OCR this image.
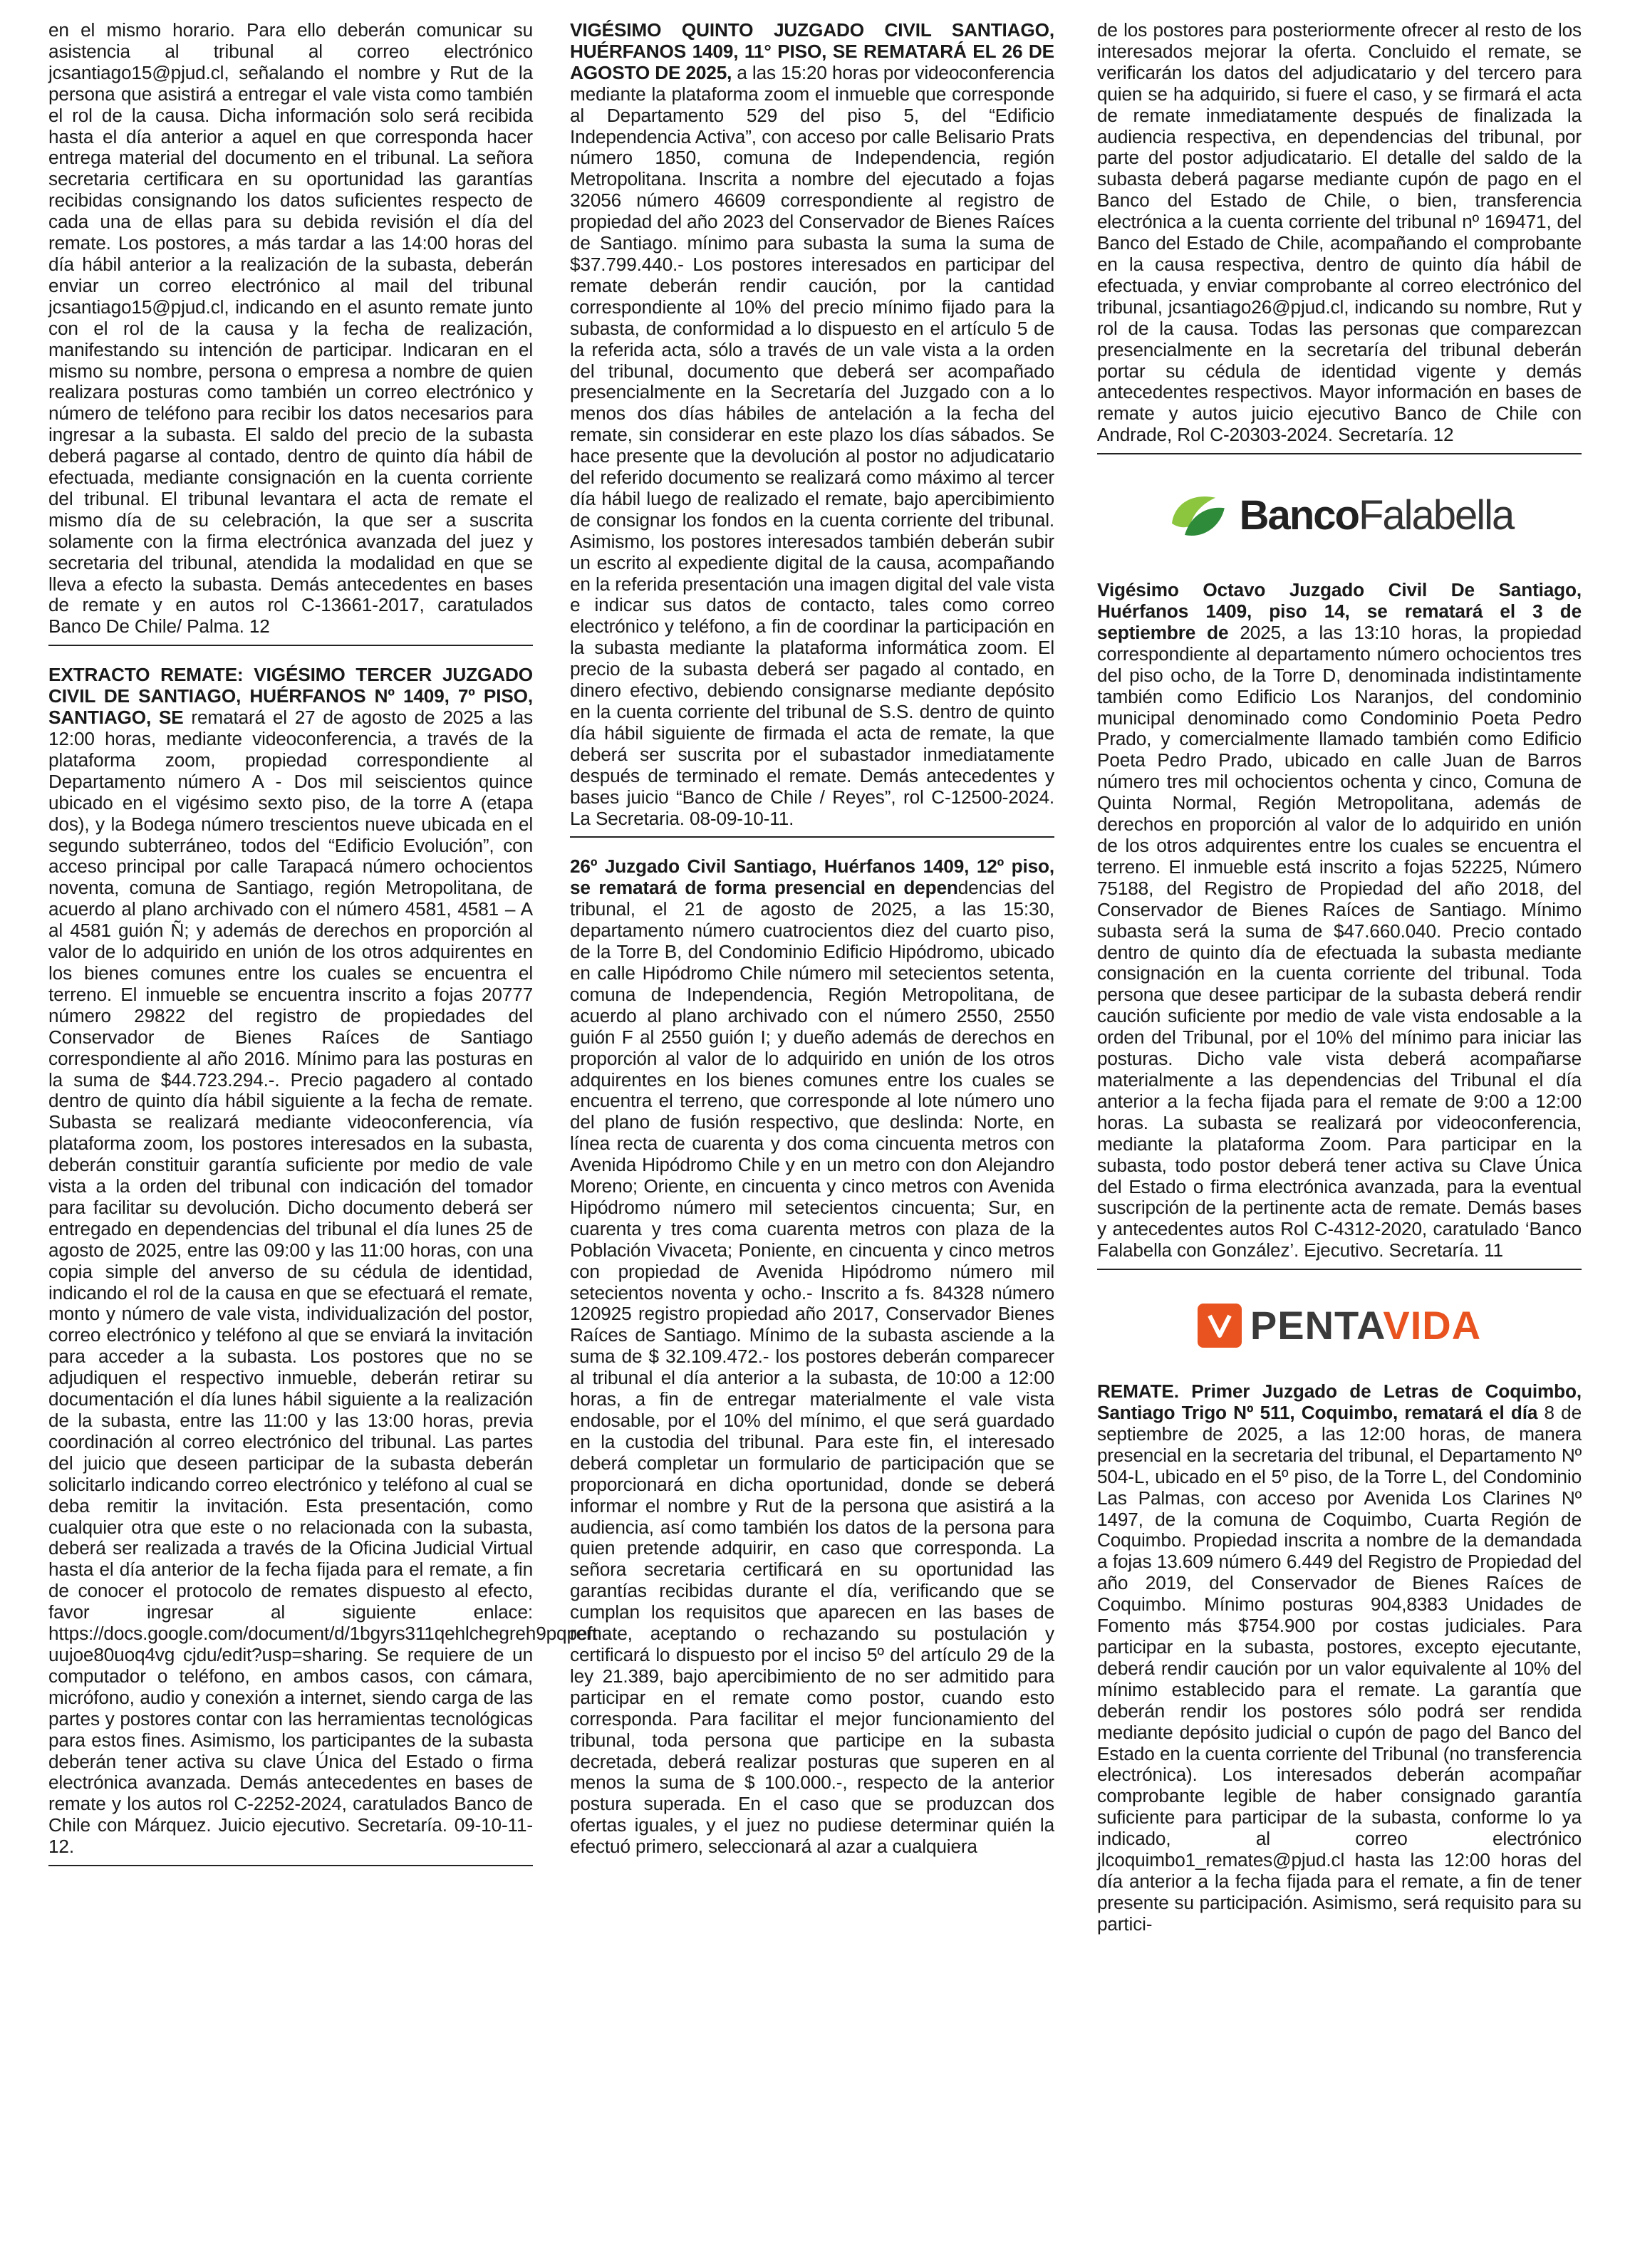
en el mismo horario. Para ello deberán comunicar su asistencia al tribunal al correo electrónico jcsantiago15@pjud.cl, señalando el nombre y Rut de la persona que asistirá a entregar el vale vista como también el rol de la causa. Dicha información solo será recibida hasta el día anterior a aquel en que corresponda hacer entrega material del documento en el tribunal. La señora secretaria certificara en su oportunidad las garantías recibidas consignando los datos suficientes respecto de cada una de ellas para su debida revisión el día del remate. Los postores, a más tardar a las 14:00 horas del día hábil anterior a la realización de la subasta, deberán enviar un correo electrónico al mail del tribunal jcsantiago15@pjud.cl, indicando en el asunto remate junto con el rol de la causa y la fecha de realización, manifestando su intención de participar. Indicaran en el mismo su nombre, persona o empresa a nombre de quien realizara posturas como también un correo electrónico y número de teléfono para recibir los datos necesarios para ingresar a la subasta. El saldo del precio de la subasta deberá pagarse al contado, dentro de quinto día hábil de efectuada, mediante consignación en la cuenta corriente del tribunal. El tribunal levantara el acta de remate el mismo día de su celebración, la que ser a suscrita solamente con la firma electrónica avanzada del juez y secretaria del tribunal, atendida la modalidad en que se lleva a efecto la subasta. Demás antecedentes en bases de remate y en autos rol C-13661-2017, caratulados Banco De Chile/ Palma. 12

EXTRACTO REMATE: VIGÉSIMO TERCER JUZGADO CIVIL DE SANTIAGO, HUÉRFANOS Nº 1409, 7º PISO, SANTIAGO, SE rematará el 27 de agosto de 2025 a las 12:00 horas, mediante videoconferencia, a través de la plataforma zoom, propiedad correspondiente al Departamento número A - Dos mil seiscientos quince ubicado en el vigésimo sexto piso, de la torre A (etapa dos), y la Bodega número trescientos nueve ubicada en el segundo subterráneo, todos del “Edificio Evolución”, con acceso principal por calle Tarapacá número ochocientos noventa, comuna de Santiago, región Metropolitana, de acuerdo al plano archivado con el número 4581, 4581 – A al 4581 guión Ñ; y además de derechos en proporción al valor de lo adquirido en unión de los otros adquirentes en los bienes comunes entre los cuales se encuentra el terreno. El inmueble se encuentra inscrito a fojas 20777 número 29822 del registro de propiedades del Conservador de Bienes Raíces de Santiago correspondiente al año 2016. Mínimo para las posturas en la suma de $44.723.294.-. Precio pagadero al contado dentro de quinto día hábil siguiente a la fecha de remate. Subasta se realizará mediante videoconferencia, vía plataforma zoom, los postores interesados en la subasta, deberán constituir garantía suficiente por medio de vale vista a la orden del tribunal con indicación del tomador para facilitar su devolución. Dicho documento deberá ser entregado en dependencias del tribunal el día lunes 25 de agosto de 2025, entre las 09:00 y las 11:00 horas, con una copia simple del anverso de su cédula de identidad, indicando el rol de la causa en que se efectuará el remate, monto y número de vale vista, individualización del postor, correo electrónico y teléfono al que se enviará la invitación para acceder a la subasta. Los postores que no se adjudiquen el respectivo inmueble, deberán retirar su documentación el día lunes hábil siguiente a la realización de la subasta, entre las 11:00 y las 13:00 horas, previa coordinación al correo electrónico del tribunal. Las partes del juicio que deseen participar de la subasta deberán solicitarlo indicando correo electrónico y teléfono al cual se deba remitir la invitación. Esta presentación, como cualquier otra que este o no relacionada con la subasta, deberá ser realizada a través de la Oficina Judicial Virtual hasta el día anterior de la fecha fijada para el remate, a fin de conocer el protocolo de remates dispuesto al efecto, favor ingresar al siguiente enlace: https://docs.google.com/document/d/1bgyrs311qehlchegreh9pqpeft uujoe80uoq4vg cjdu/edit?usp=sharing. Se requiere de un computador o teléfono, en ambos casos, con cámara, micrófono, audio y conexión a internet, siendo carga de las partes y postores contar con las herramientas tecnológicas para estos fines. Asimismo, los participantes de la subasta deberán tener activa su clave Única del Estado o firma electrónica avanzada. Demás antecedentes en bases de remate y los autos rol C-2252-2024, caratulados Banco de Chile con Márquez. Juicio ejecutivo. Secretaría. 09-10-11-12.

VIGÉSIMO QUINTO JUZGADO CIVIL SANTIAGO, HUÉRFANOS 1409, 11° PISO, SE REMATARÁ EL 26 DE AGOSTO DE 2025, a las 15:20 horas por videoconferencia mediante la plataforma zoom el inmueble que corresponde al Departamento 529 del piso 5, del “Edificio Independencia Activa”, con acceso por calle Belisario Prats número 1850, comuna de Independencia, región Metropolitana. Inscrita a nombre del ejecutado a fojas 32056 número 46609 correspondiente al registro de propiedad del año 2023 del Conservador de Bienes Raíces de Santiago. mínimo para subasta la suma la suma de $37.799.440.- Los postores interesados en participar del remate deberán rendir caución, por la cantidad correspondiente al 10% del precio mínimo fijado para la subasta, de conformidad a lo dispuesto en el artículo 5 de la referida acta, sólo a través de un vale vista a la orden del tribunal, documento que deberá ser acompañado presencialmente en la Secretaría del Juzgado con a lo menos dos días hábiles de antelación a la fecha del remate, sin considerar en este plazo los días sábados. Se hace presente que la devolución al postor no adjudicatario del referido documento se realizará como máximo al tercer día hábil luego de realizado el remate, bajo apercibimiento de consignar los fondos en la cuenta corriente del tribunal. Asimismo, los postores interesados también deberán subir un escrito al expediente digital de la causa, acompañando en la referida presentación una imagen digital del vale vista e indicar sus datos de contacto, tales como correo electrónico y teléfono, a fin de coordinar la participación en la subasta mediante la plataforma informática zoom. El precio de la subasta deberá ser pagado al contado, en dinero efectivo, debiendo consignarse mediante depósito en la cuenta corriente del tribunal de S.S. dentro de quinto día hábil siguiente de firmada el acta de remate, la que deberá ser suscrita por el subastador inmediatamente después de terminado el remate. Demás antecedentes y bases juicio “Banco de Chile / Reyes”, rol C-12500-2024. La Secretaria. 08-09-10-11.

26º Juzgado Civil Santiago, Huérfanos 1409, 12º piso, se rematará de forma presencial en dependencias del tribunal, el 21 de agosto de 2025, a las 15:30, departamento número cuatrocientos diez del cuarto piso, de la Torre B, del Condominio Edificio Hipódromo, ubicado en calle Hipódromo Chile número mil setecientos setenta, comuna de Independencia, Región Metropolitana, de acuerdo al plano archivado con el número 2550, 2550 guión F al 2550 guión I; y dueño además de derechos en proporción al valor de lo adquirido en unión de los otros adquirentes en los bienes comunes entre los cuales se encuentra el terreno, que corresponde al lote número uno del plano de fusión respectivo, que deslinda: Norte, en línea recta de cuarenta y dos coma cincuenta metros con Avenida Hipódromo Chile y en un metro con don Alejandro Moreno; Oriente, en cincuenta y cinco metros con Avenida Hipódromo número mil setecientos cincuenta; Sur, en cuarenta y tres coma cuarenta metros con plaza de la Población Vivaceta; Poniente, en cincuenta y cinco metros con propiedad de Avenida Hipódromo número mil setecientos noventa y ocho.- Inscrito a fs. 84328 número 120925 registro propiedad año 2017, Conservador Bienes Raíces de Santiago. Mínimo de la subasta asciende a la suma de $ 32.109.472.- los postores deberán comparecer al tribunal el día anterior a la subasta, de 10:00 a 12:00 horas, a fin de entregar materialmente el vale vista endosable, por el 10% del mínimo, el que será guardado en la custodia del tribunal. Para este fin, el interesado deberá completar un formulario de participación que se proporcionará en dicha oportunidad, donde se deberá informar el nombre y Rut de la persona que asistirá a la audiencia, así como también los datos de la persona para quien pretende adquirir, en caso que corresponda. La señora secretaria certificará en su oportunidad las garantías recibidas durante el día, verificando que se cumplan los requisitos que aparecen en las bases de remate, aceptando o rechazando su postulación y certificará lo dispuesto por el inciso 5º del artículo 29 de la ley 21.389, bajo apercibimiento de no ser admitido para participar en el remate como postor, cuando esto corresponda. Para facilitar el mejor funcionamiento del tribunal, toda persona que participe en la subasta decretada, deberá realizar posturas que superen en al menos la suma de $ 100.000.-, respecto de la anterior postura superada. En el caso que se produzcan dos ofertas iguales, y el juez no pudiese determinar quién la efectuó primero, seleccionará al azar a cualquiera

de los postores para posteriormente ofrecer al resto de los interesados mejorar la oferta. Concluido el remate, se verificarán los datos del adjudicatario y del tercero para quien se ha adquirido, si fuere el caso, y se firmará el acta de remate inmediatamente después de finalizada la audiencia respectiva, en dependencias del tribunal, por parte del postor adjudicatario. El detalle del saldo de la subasta deberá pagarse mediante cupón de pago en el Banco del Estado de Chile, o bien, transferencia electrónica a la cuenta corriente del tribunal nº 169471, del Banco del Estado de Chile, acompañando el comprobante en la causa respectiva, dentro de quinto día hábil de efectuada, y enviar comprobante al correo electrónico del tribunal, jcsantiago26@pjud.cl, indicando su nombre, Rut y rol de la causa. Todas las personas que comparezcan presencialmente en la secretaría del tribunal deberán portar su cédula de identidad vigente y demás antecedentes respectivos. Mayor información en bases de remate y autos juicio ejecutivo Banco de Chile con Andrade, Rol C-20303-2024. Secretaría. 12

BancoFalabella

Vigésimo Octavo Juzgado Civil De Santiago, Huérfanos 1409, piso 14, se rematará el 3 de septiembre de 2025, a las 13:10 horas, la propiedad correspondiente al departamento número ochocientos tres del piso ocho, de la Torre D, denominada indistintamente también como Edificio Los Naranjos, del condominio municipal denominado como Condominio Poeta Pedro Prado, y comercialmente llamado también como Edificio Poeta Pedro Prado, ubicado en calle Juan de Barros número tres mil ochocientos ochenta y cinco, Comuna de Quinta Normal, Región Metropolitana, además de derechos en proporción al valor de lo adquirido en unión de los otros adquirentes entre los cuales se encuentra el terreno. El inmueble está inscrito a fojas 52225, Número 75188, del Registro de Propiedad del año 2018, del Conservador de Bienes Raíces de Santiago. Mínimo subasta será la suma de $47.660.040. Precio contado dentro de quinto día de efectuada la subasta mediante consignación en la cuenta corriente del tribunal. Toda persona que desee participar de la subasta deberá rendir caución suficiente por medio de vale vista endosable a la orden del Tribunal, por el 10% del mínimo para iniciar las posturas. Dicho vale vista deberá acompañarse materialmente a las dependencias del Tribunal el día anterior a la fecha fijada para el remate de 9:00 a 12:00 horas. La subasta se realizará por videoconferencia, mediante la plataforma Zoom. Para participar en la subasta, todo postor deberá tener activa su Clave Única del Estado o firma electrónica avanzada, para la eventual suscripción de la pertinente acta de remate. Demás bases y antecedentes autos Rol C-4312-2020, caratulado ‘Banco Falabella con González’. Ejecutivo. Secretaría. 11

PENTAVIDA

REMATE. Primer Juzgado de Letras de Coquimbo, Santiago Trigo Nº 511, Coquimbo, rematará el día 8 de septiembre de 2025, a las 12:00 horas, de manera presencial en la secretaria del tribunal, el Departamento Nº 504-L, ubicado en el 5º piso, de la Torre L, del Condominio Las Palmas, con acceso por Avenida Los Clarines Nº 1497, de la comuna de Coquimbo, Cuarta Región de Coquimbo. Propiedad inscrita a nombre de la demandada a fojas 13.609 número 6.449 del Registro de Propiedad del año 2019, del Conservador de Bienes Raíces de Coquimbo. Mínimo posturas 904,8383 Unidades de Fomento más $754.900 por costas judiciales. Para participar en la subasta, postores, excepto ejecutante, deberá rendir caución por un valor equivalente al 10% del mínimo establecido para el remate. La garantía que deberán rendir los postores sólo podrá ser rendida mediante depósito judicial o cupón de pago del Banco del Estado en la cuenta corriente del Tribunal (no transferencia electrónica). Los interesados deberán acompañar comprobante legible de haber consignado garantía suficiente para participar de la subasta, conforme lo ya indicado, al correo electrónico jlcoquimbo1_remates@pjud.cl hasta las 12:00 horas del día anterior a la fecha fijada para el remate, a fin de tener presente su participación. Asimismo, será requisito para su partici-
